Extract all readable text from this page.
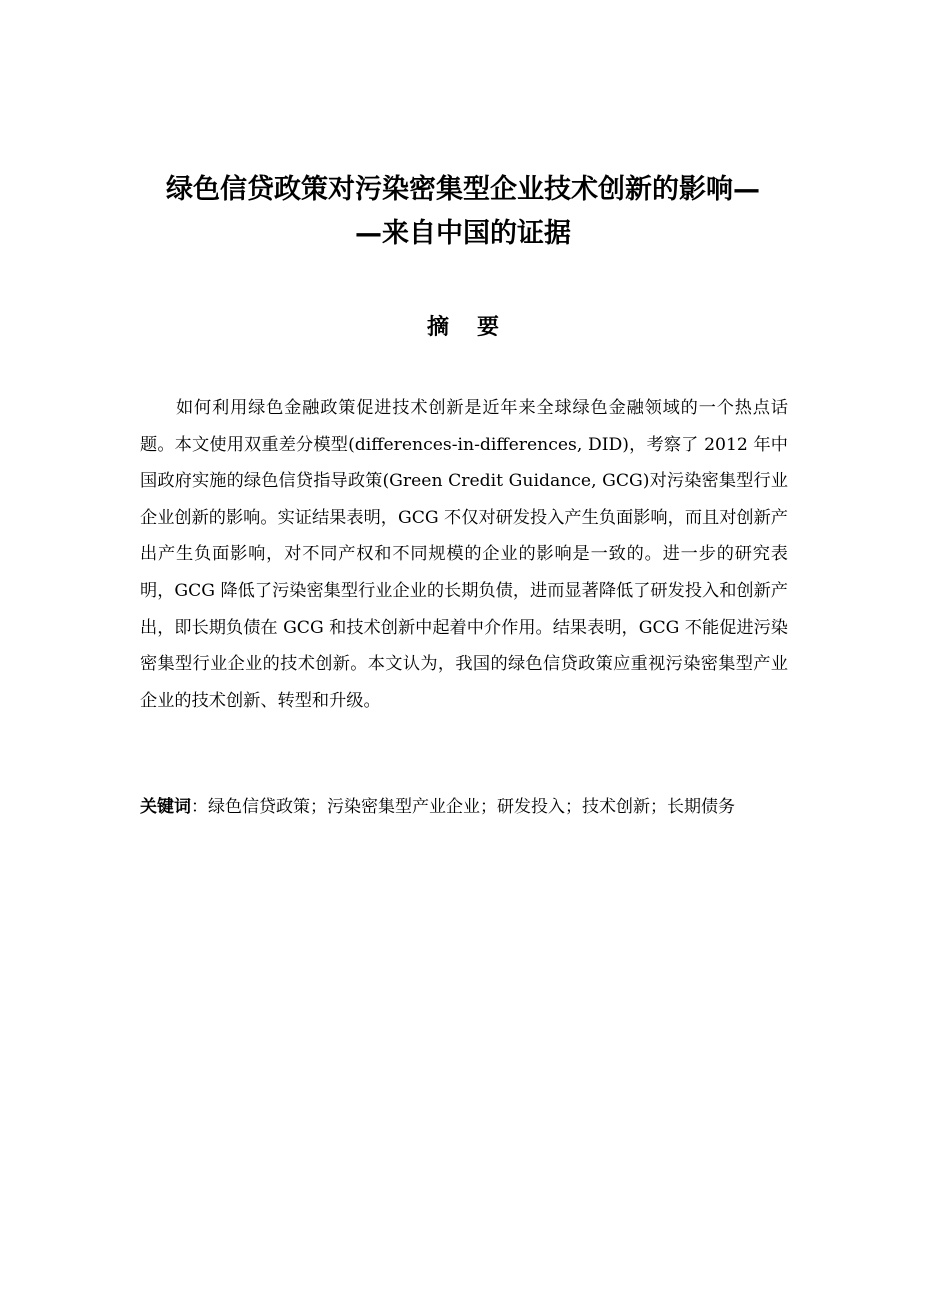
绿色信贷政策对污染密集型企业技术创新的影响—
—来自中国的证据
摘要

如何利用绿色金融政策促进技术创新是近年来全球绿色金融领域的一个热点话题。本文使用双重差分模型(differences-in-differences, DID)，考察了 2012 年中国政府实施的绿色信贷指导政策(Green Credit Guidance, GCG)对污染密集型行业企业创新的影响。实证结果表明，GCG 不仅对研发投入产生负面影响，而且对创新产出产生负面影响，对不同产权和不同规模的企业的影响是一致的。进一步的研究表明，GCG 降低了污染密集型行业企业的长期负债，进而显著降低了研发投入和创新产出，即长期负债在 GCG 和技术创新中起着中介作用。结果表明，GCG 不能促进污染密集型行业企业的技术创新。本文认为，我国的绿色信贷政策应重视污染密集型产业企业的技术创新、转型和升级。

关键词：绿色信贷政策；污染密集型产业企业；研发投入；技术创新；长期债务
